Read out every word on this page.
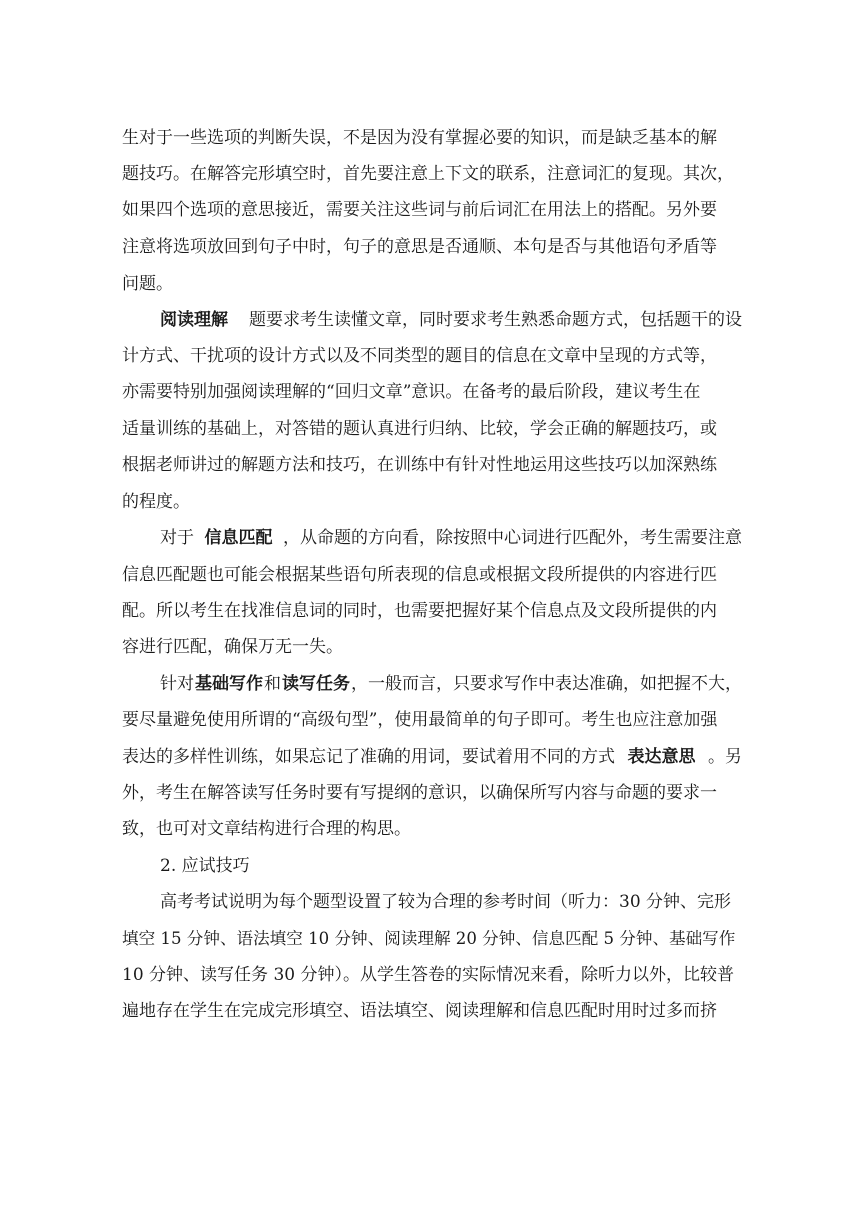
生对于一些选项的判断失误，不是因为没有掌握必要的知识，而是缺乏基本的解
题技巧。在解答完形填空时，首先要注意上下文的联系，注意词汇的复现。其次，
如果四个选项的意思接近，需要关注这些词与前后词汇在用法上的搭配。另外要
注意将选项放回到句子中时，句子的意思是否通顺、本句是否与其他语句矛盾等
问题。
阅读理解 题要求考生读懂文章，同时要求考生熟悉命题方式，包括题干的设
计方式、干扰项的设计方式以及不同类型的题目的信息在文章中呈现的方式等，
亦需要特别加强阅读理解的“回归文章”意识。在备考的最后阶段，建议考生在
适量训练的基础上，对答错的题认真进行归纳、比较，学会正确的解题技巧，或
根据老师讲过的解题方法和技巧，在训练中有针对性地运用这些技巧以加深熟练
的程度。
对于 信息匹配 ，从命题的方向看，除按照中心词进行匹配外，考生需要注意
信息匹配题也可能会根据某些语句所表现的信息或根据文段所提供的内容进行匹
配。所以考生在找准信息词的同时，也需要把握好某个信息点及文段所提供的内
容进行匹配，确保万无一失。
针对 基础写作 和 读写任务 ，一般而言，只要求写作中表达准确，如把握不大，
要尽量避免使用所谓的“高级句型”，使用最简单的句子即可。考生也应注意加强
表达的多样性训练，如果忘记了准确的用词，要试着用不同的方式 表达意思 。另
外，考生在解答读写任务时要有写提纲的意识，以确保所写内容与命题的要求一
致，也可对文章结构进行合理的构思。
2. 应试技巧
高考考试说明为每个题型设置了较为合理的参考时间（听力：30 分钟、完形
填空 15 分钟、语法填空 10 分钟、阅读理解 20 分钟、信息匹配 5 分钟、基础写作
10 分钟、读写任务 30 分钟）。从学生答卷的实际情况来看，除听力以外，比较普
遍地存在学生在完成完形填空、语法填空、阅读理解和信息匹配时用时过多而挤
